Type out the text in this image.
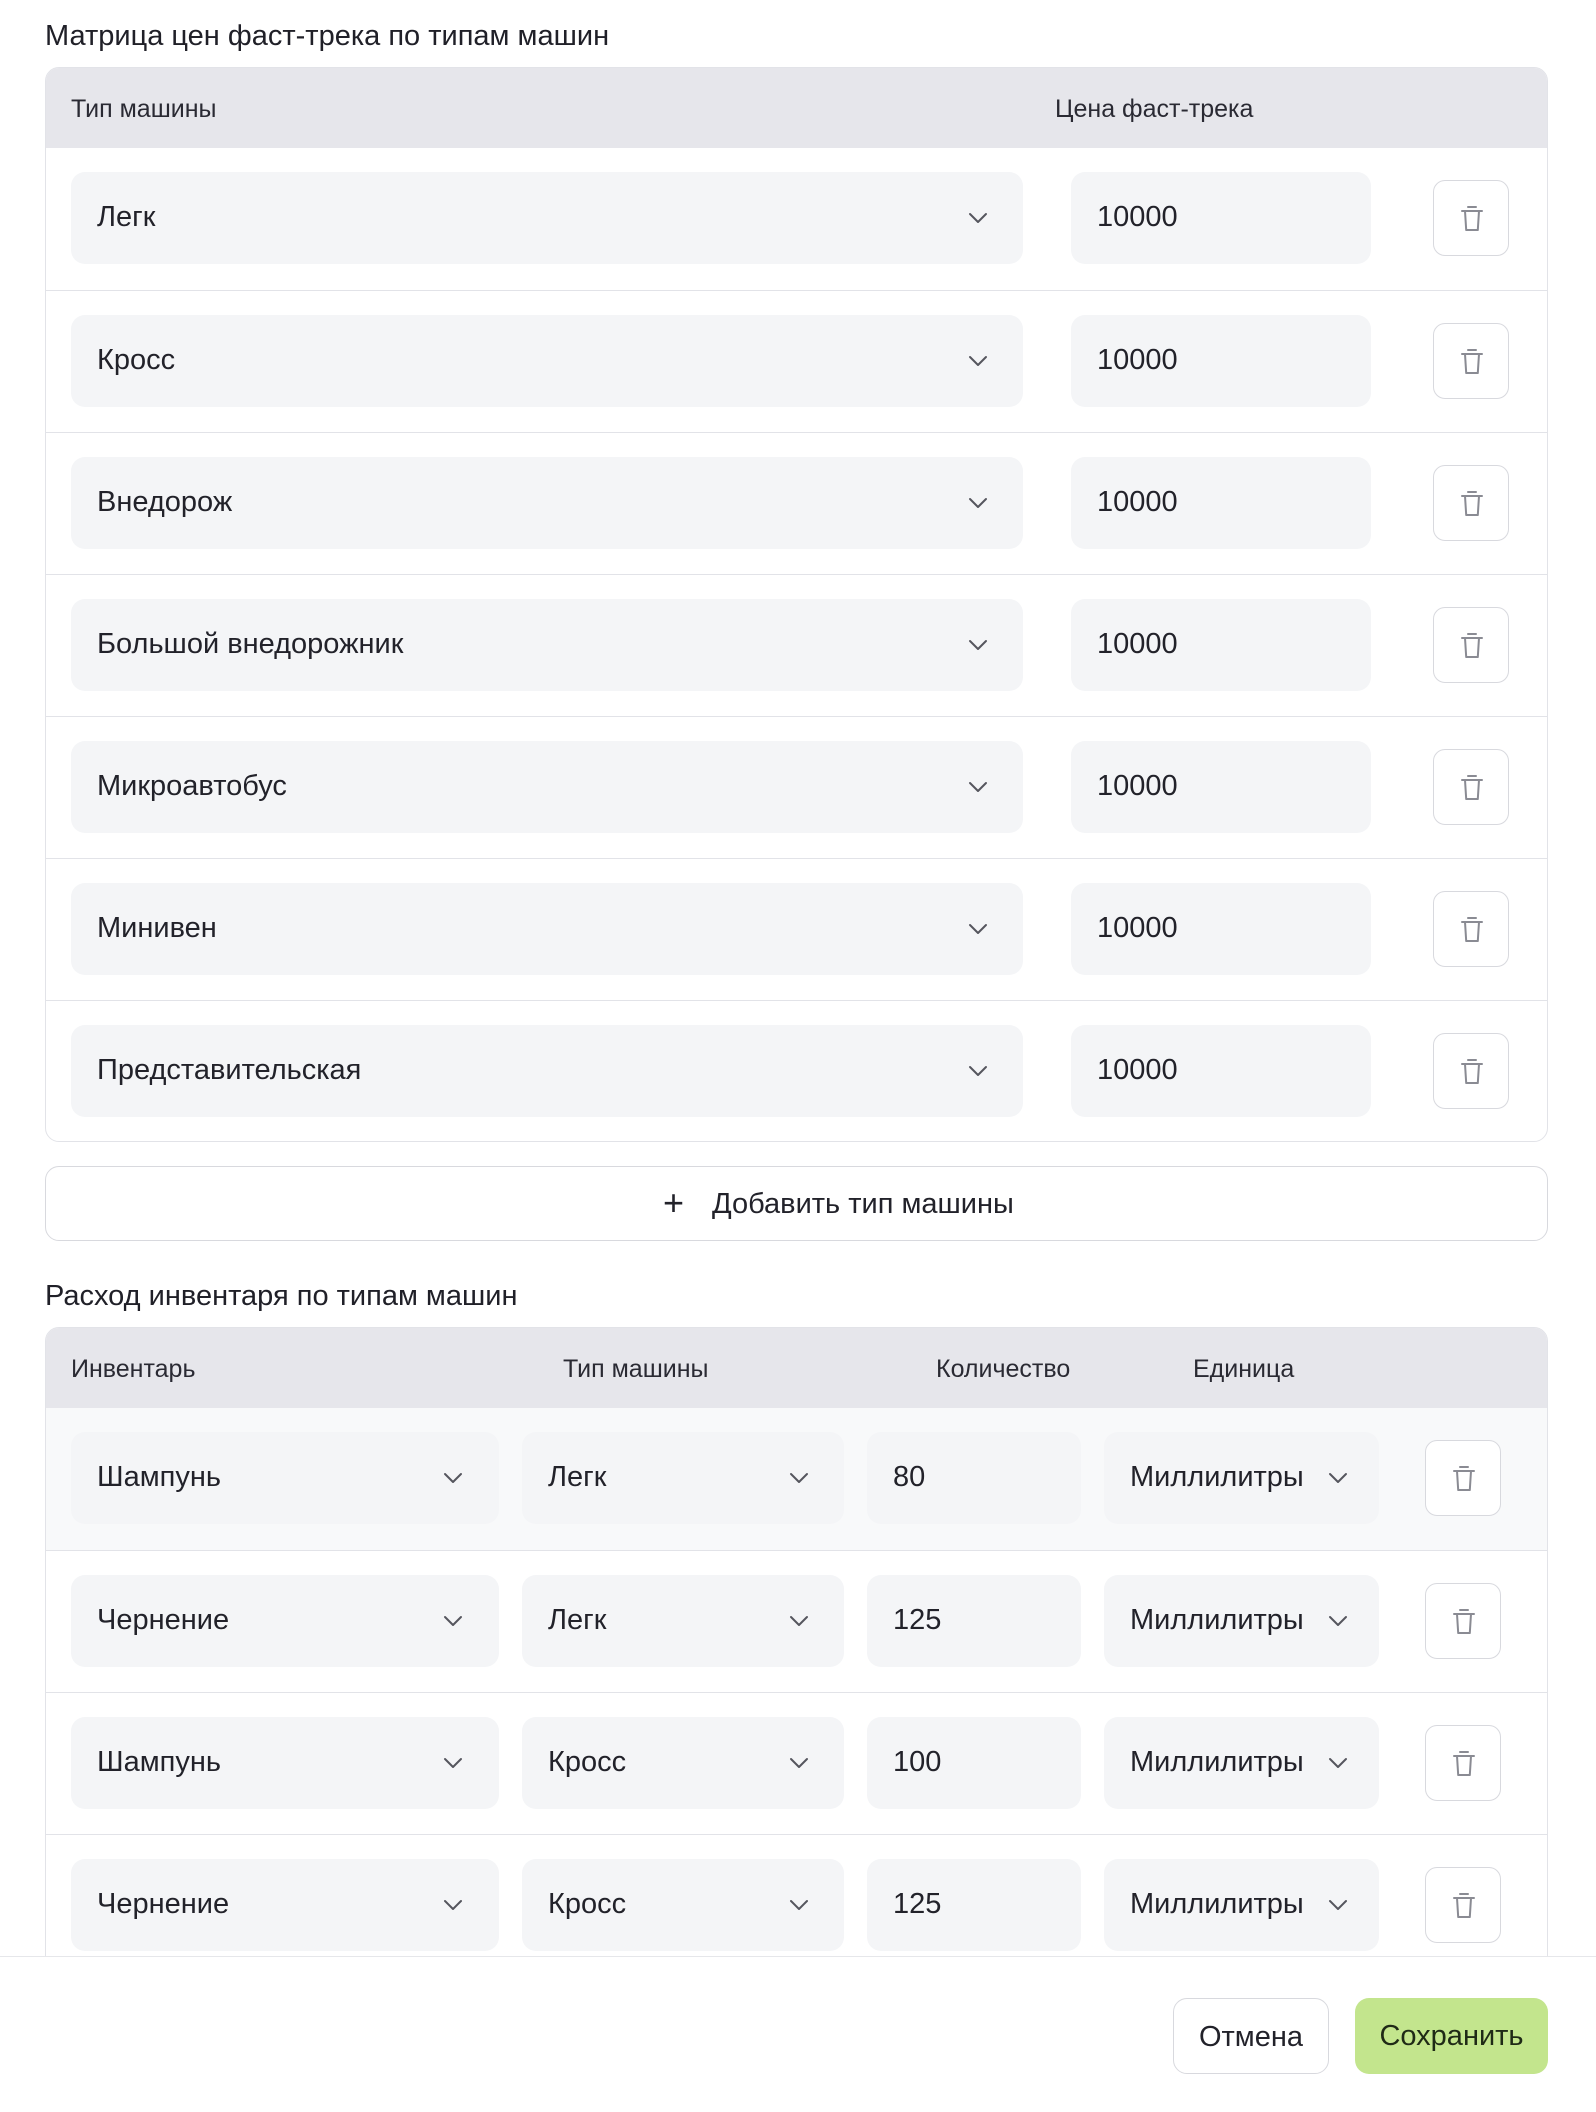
Матрица цен фаст-трека по типам машин
Тип машины	Цена фаст-трека
Легк	10000
Кросс	10000
Внедорож	10000
Большой внедорожник	10000
Микроавтобус	10000
Минивен	10000
Представительская	10000
+ Добавить тип машины
Расход инвентаря по типам машин
Инвентарь	Тип машины	Количество	Единица
Шампунь	Легк	80	Миллилитры
Чернение	Легк	125	Миллилитры
Шампунь	Кросс	100	Миллилитры
Чернение	Кросс	125	Миллилитры
Отмена	Сохранить
